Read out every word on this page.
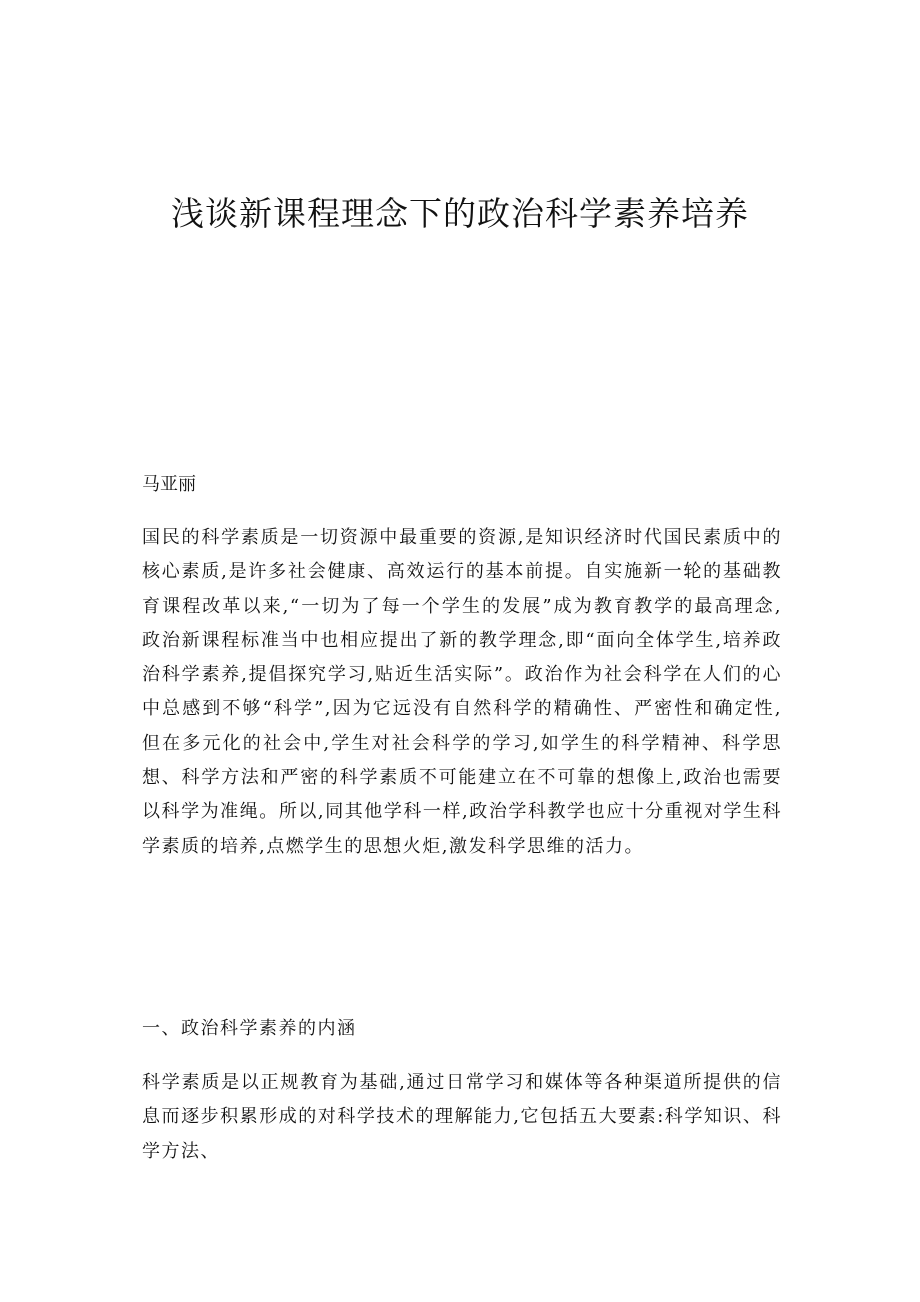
浅谈新课程理念下的政治科学素养培养

马亚丽

国民的科学素质是一切资源中最重要的资源,是知识经济时代国民素质中的核心素质,是许多社会健康、高效运行的基本前提。自实施新一轮的基础教育课程改革以来,“一切为了每一个学生的发展”成为教育教学的最高理念,政治新课程标准当中也相应提出了新的教学理念,即“面向全体学生,培养政治科学素养,提倡探究学习,贴近生活实际”。政治作为社会科学在人们的心中总感到不够“科学”,因为它远没有自然科学的精确性、严密性和确定性,但在多元化的社会中,学生对社会科学的学习,如学生的科学精神、科学思想、科学方法和严密的科学素质不可能建立在不可靠的想像上,政治也需要以科学为准绳。所以,同其他学科一样,政治学科教学也应十分重视对学生科学素质的培养,点燃学生的思想火炬,激发科学思维的活力。

一、政治科学素养的内涵

科学素质是以正规教育为基础,通过日常学习和媒体等各种渠道所提供的信息而逐步积累形成的对科学技术的理解能力,它包括五大要素:科学知识、科学方法、
